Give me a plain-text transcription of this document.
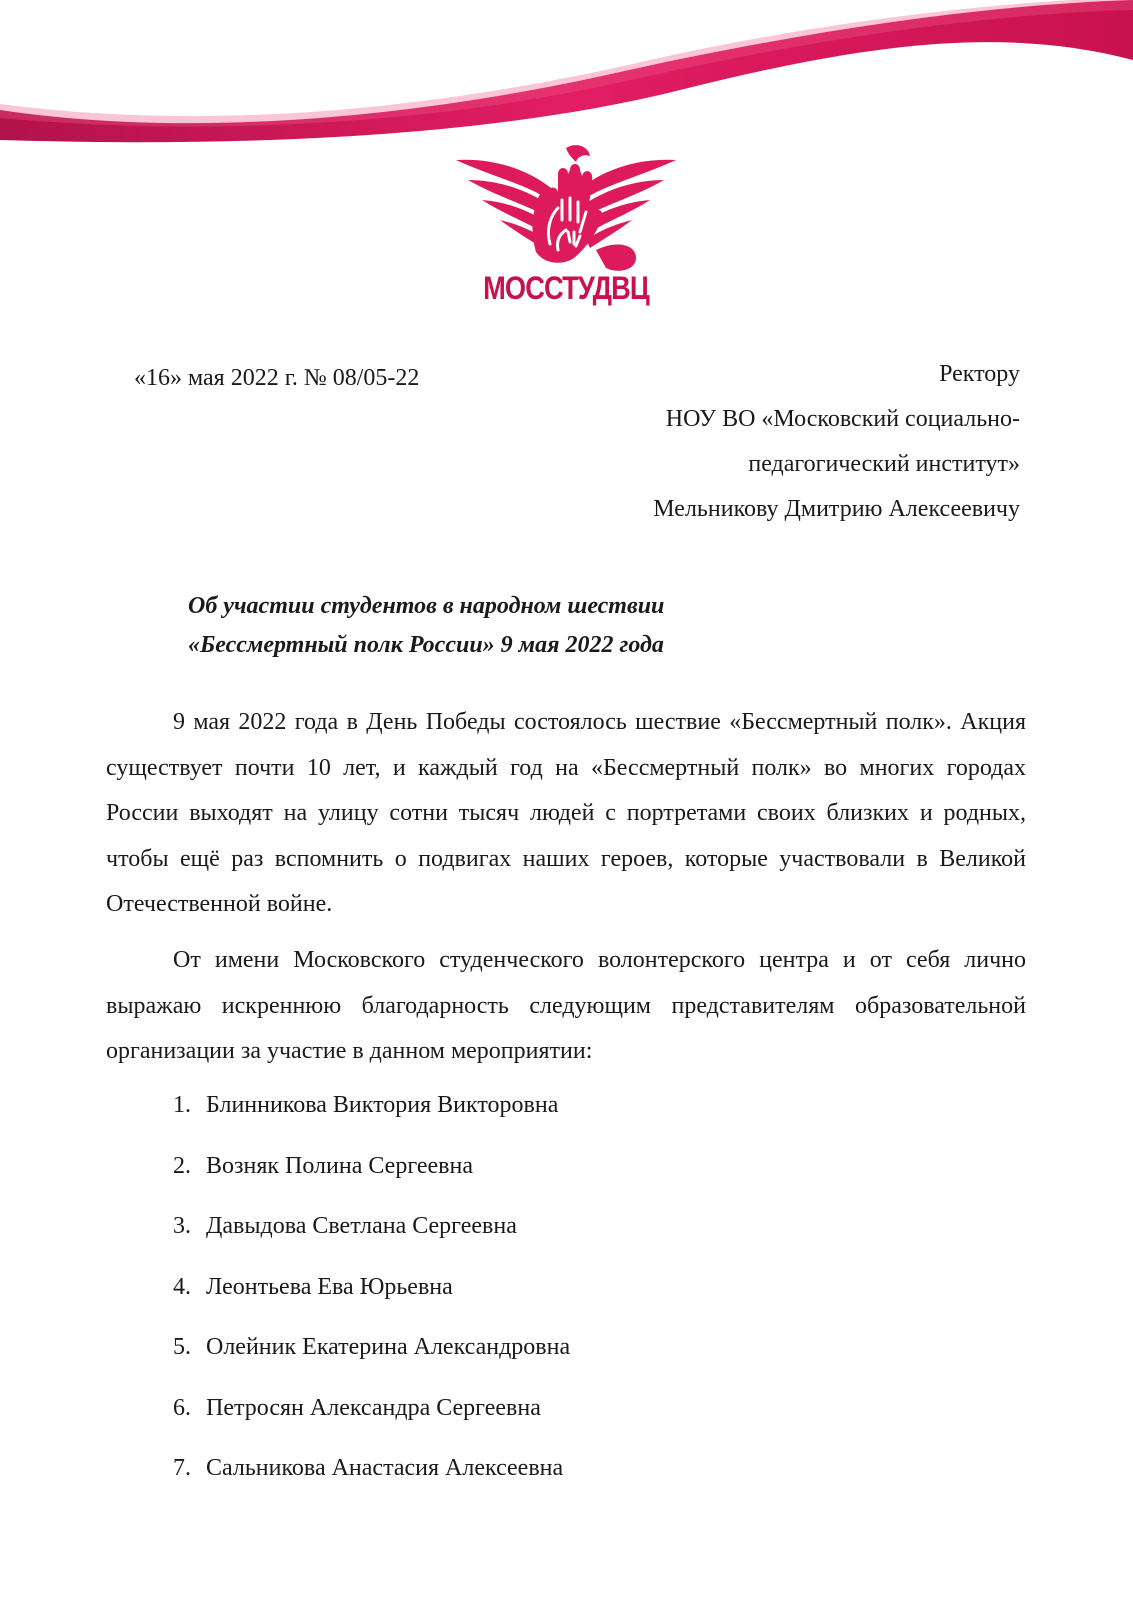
МОССТУДВЦ
«16» мая 2022 г. № 08/05-22	Ректору
НОУ ВО «Московский социально-
педагогический институт»
Мельникову Дмитрию Алексеевичу
Об участии студентов в народном шествии
«Бессмертный полк России» 9 мая 2022 года

9 мая 2022 года в День Победы состоялось шествие «Бессмертный полк». Акция существует почти 10 лет, и каждый год на «Бессмертный полк» во многих городах России выходят на улицу сотни тысяч людей с портретами своих близких и родных, чтобы ещё раз вспомнить о подвигах наших героев, которые участвовали в Великой Отечественной войне.

От имени Московского студенческого волонтерского центра и от себя лично выражаю искреннюю благодарность следующим представителям образовательной организации за участие в данном мероприятии:

1. Блинникова Виктория Викторовна
2. Возняк Полина Сергеевна
3. Давыдова Светлана Сергеевна
4. Леонтьева Ева Юрьевна
5. Олейник Екатерина Александровна
6. Петросян Александра Сергеевна
7. Сальникова Анастасия Алексеевна
